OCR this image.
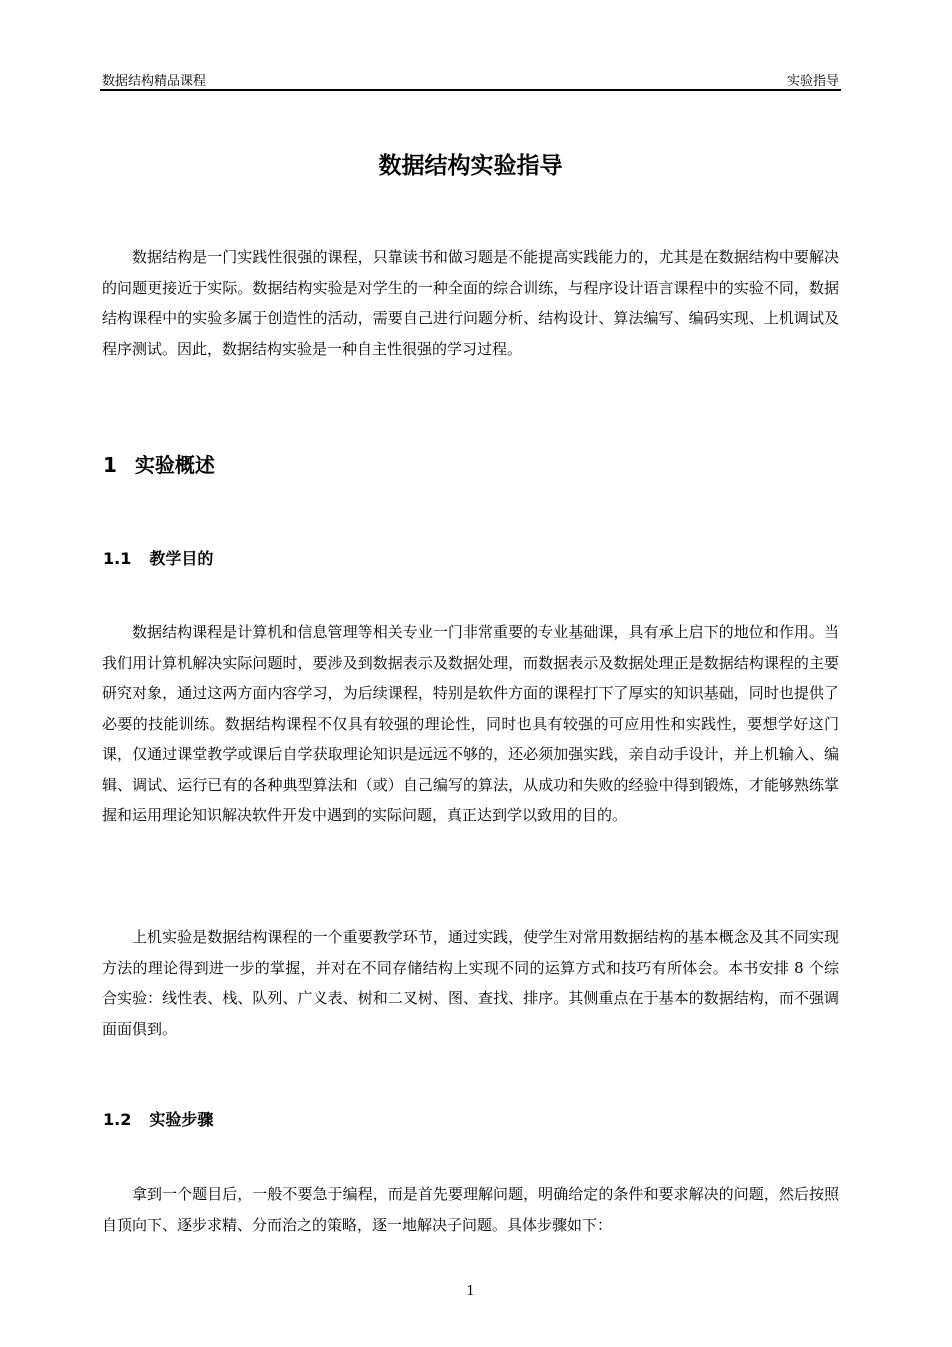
数据结构精品课程	实验指导
数据结构实验指导

数据结构是一门实践性很强的课程，只靠读书和做习题是不能提高实践能力的，尤其是在数据结构中要解决的问题更接近于实际。数据结构实验是对学生的一种全面的综合训练，与程序设计语言课程中的实验不同，数据结构课程中的实验多属于创造性的活动，需要自己进行问题分析、结构设计、算法编写、编码实现、上机调试及程序测试。因此，数据结构实验是一种自主性很强的学习过程。

1 实验概述
1.1 教学目的

数据结构课程是计算机和信息管理等相关专业一门非常重要的专业基础课，具有承上启下的地位和作用。当我们用计算机解决实际问题时，要涉及到数据表示及数据处理，而数据表示及数据处理正是数据结构课程的主要研究对象，通过这两方面内容学习，为后续课程，特别是软件方面的课程打下了厚实的知识基础，同时也提供了必要的技能训练。数据结构课程不仅具有较强的理论性，同时也具有较强的可应用性和实践性，要想学好这门课，仅通过课堂教学或课后自学获取理论知识是远远不够的，还必须加强实践，亲自动手设计，并上机输入、编辑、调试、运行已有的各种典型算法和（或）自己编写的算法，从成功和失败的经验中得到锻炼，才能够熟练掌握和运用理论知识解决软件开发中遇到的实际问题，真正达到学以致用的目的。

上机实验是数据结构课程的一个重要教学环节，通过实践，使学生对常用数据结构的基本概念及其不同实现方法的理论得到进一步的掌握，并对在不同存储结构上实现不同的运算方式和技巧有所体会。本书安排 8 个综合实验：线性表、栈、队列、广义表、树和二叉树、图、查找、排序。其侧重点在于基本的数据结构，而不强调面面俱到。

1.2 实验步骤

拿到一个题目后，一般不要急于编程，而是首先要理解问题，明确给定的条件和要求解决的问题，然后按照自顶向下、逐步求精、分而治之的策略，逐一地解决子问题。具体步骤如下：

1
